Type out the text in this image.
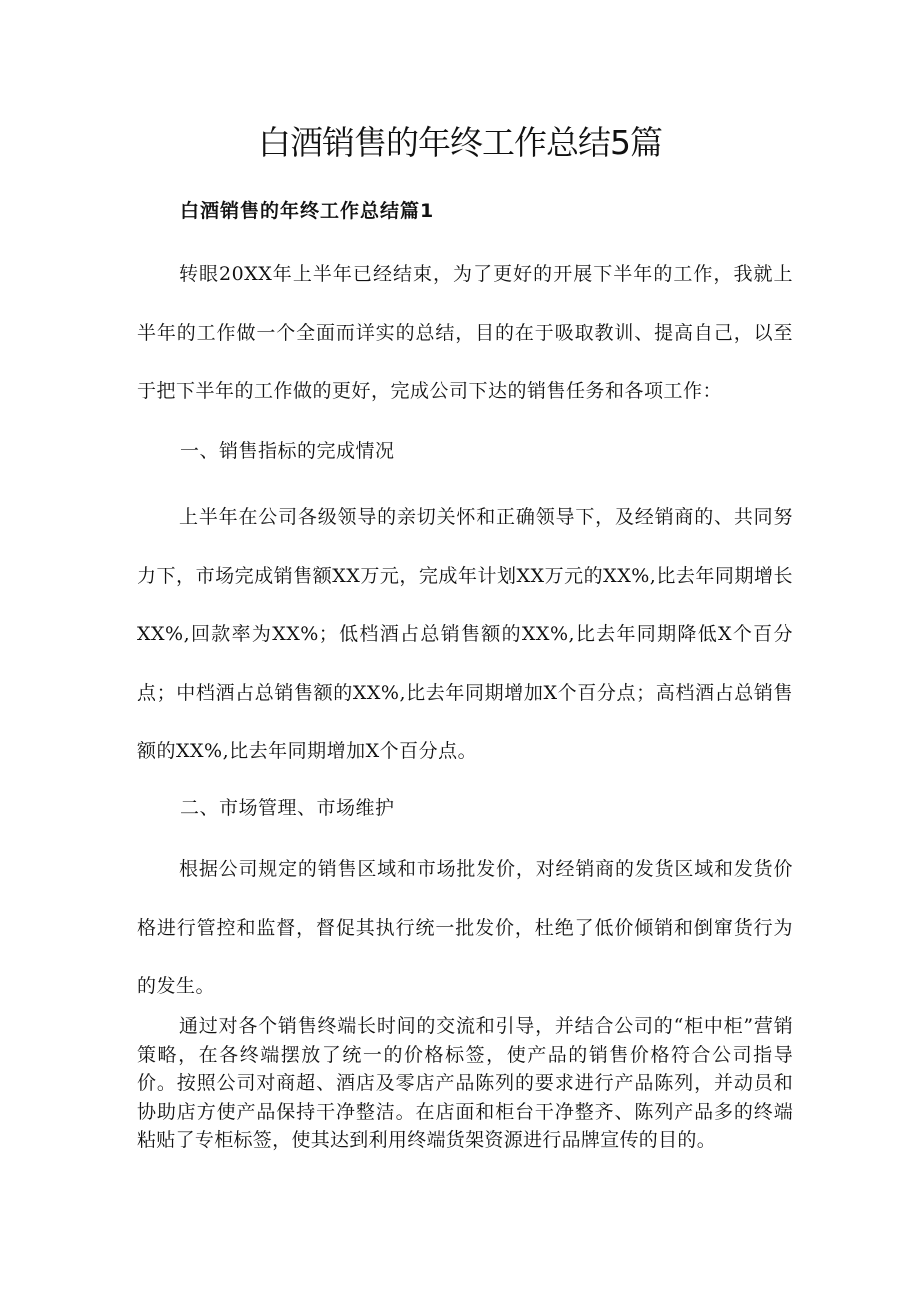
白酒销售的年终工作总结5篇
白酒销售的年终工作总结篇1

转眼20XX年上半年已经结束，为了更好的开展下半年的工作，我就上半年的工作做一个全面而详实的总结，目的在于吸取教训、提高自己，以至于把下半年的工作做的更好，完成公司下达的销售任务和各项工作：

一、销售指标的完成情况

上半年在公司各级领导的亲切关怀和正确领导下，及经销商的、共同努力下，市场完成销售额XX万元，完成年计划XX万元的XX%,比去年同期增长XX%,回款率为XX%；低档酒占总销售额的XX%,比去年同期降低X个百分点；中档酒占总销售额的XX%,比去年同期增加X个百分点；高档酒占总销售额的XX%,比去年同期增加X个百分点。

二、市场管理、市场维护

根据公司规定的销售区域和市场批发价，对经销商的发货区域和发货价格进行管控和监督，督促其执行统一批发价，杜绝了低价倾销和倒窜货行为的发生。

通过对各个销售终端长时间的交流和引导，并结合公司的“柜中柜”营销策略，在各终端摆放了统一的价格标签，使产品的销售价格符合公司指导价。按照公司对商超、酒店及零店产品陈列的要求进行产品陈列，并动员和协助店方使产品保持干净整洁。在店面和柜台干净整齐、陈列产品多的终端粘贴了专柜标签，使其达到利用终端货架资源进行品牌宣传的目的。
